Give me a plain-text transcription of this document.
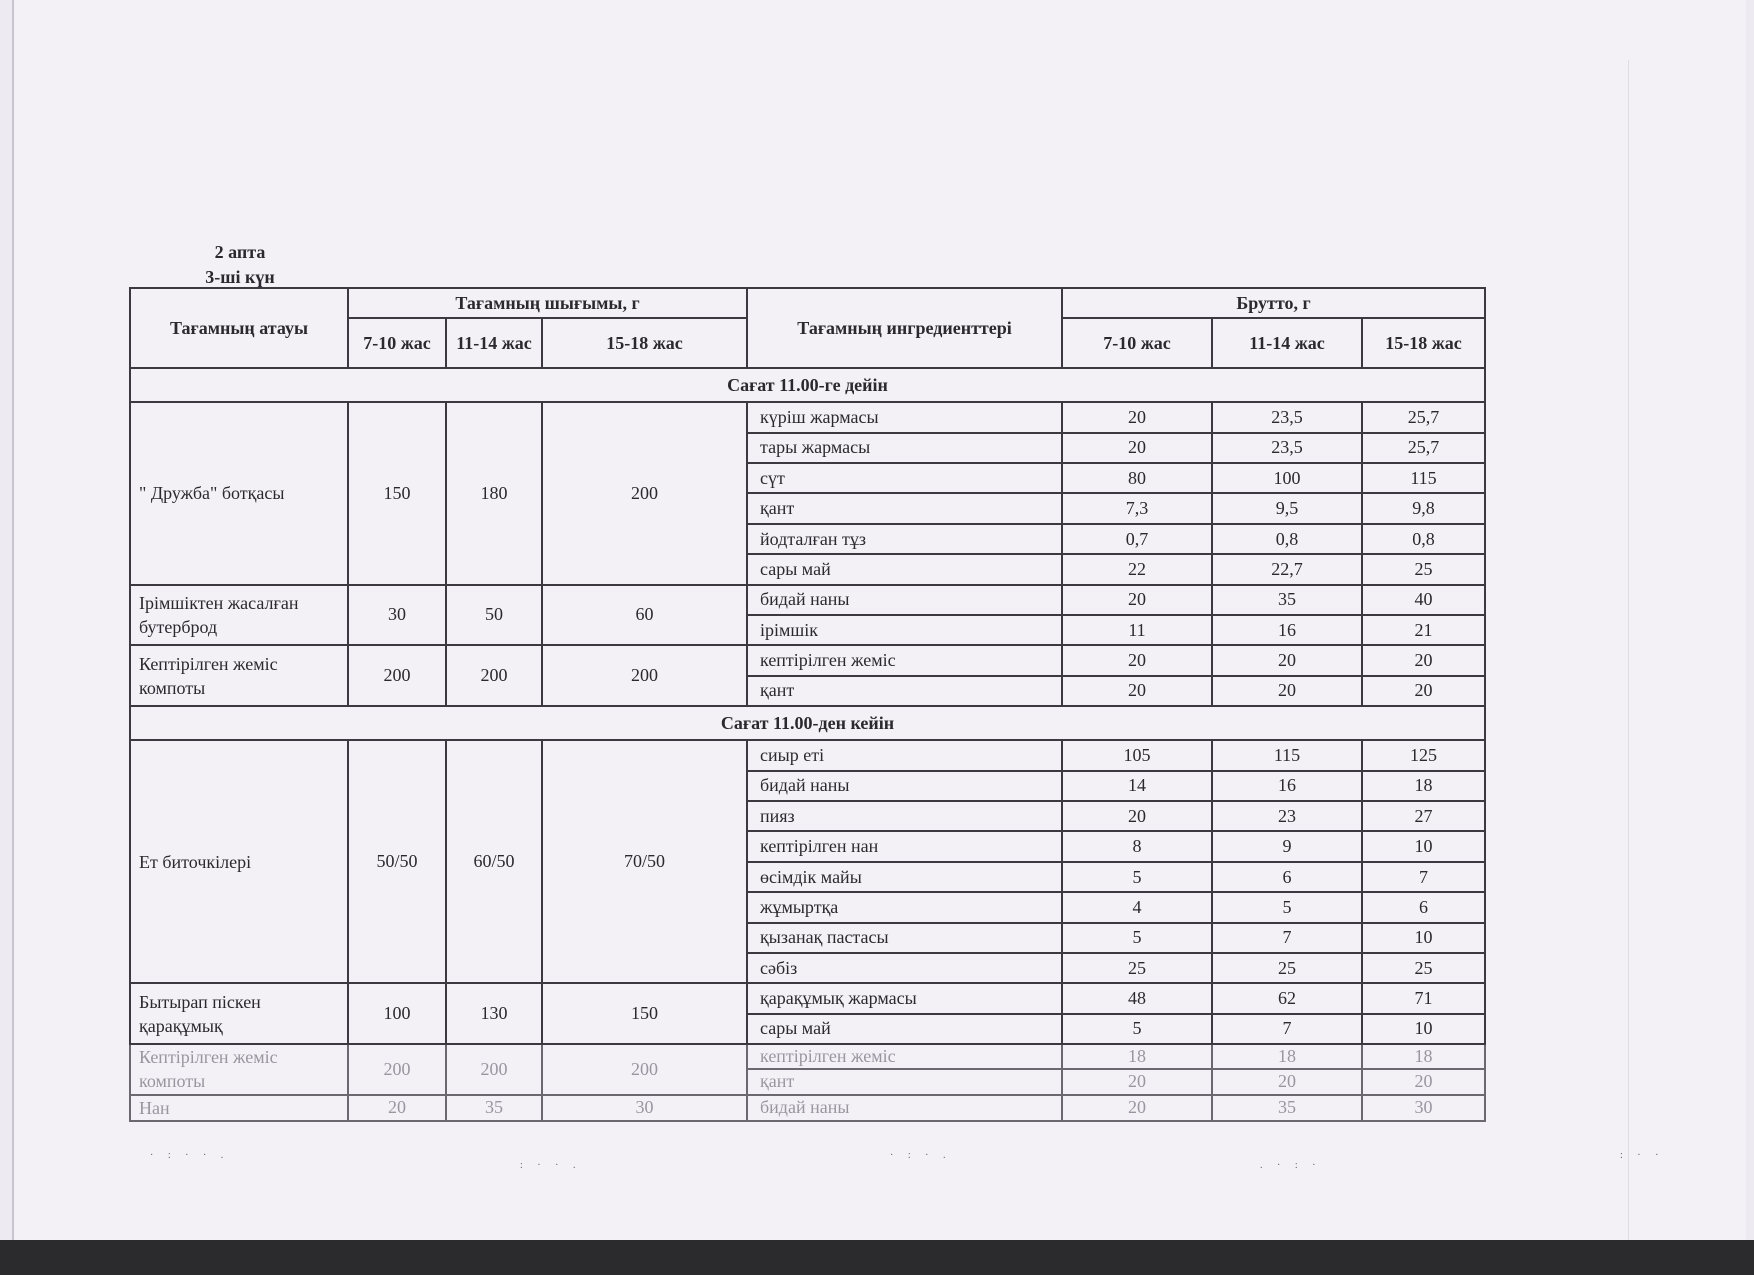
2 апта
3-ші күн
Тағамның атауы	Тағамның шығымы, г			Тағамның ингредиенттері	Брутто, г		
	7-10 жас	11-14 жас	15-18 жас		7-10 жас	11-14 жас	15-18 жас
Сағат 11.00-ге дейін							
" Дружба" ботқасы	150	180	200	күріш жармасы	20	23,5	25,7
				тары жармасы	20	23,5	25,7
				сүт	80	100	115
				қант	7,3	9,5	9,8
				йодталған тұз	0,7	0,8	0,8
				сары май	22	22,7	25
Ірімшіктен жасалған бутерброд	30	50	60	бидай наны	20	35	40
				ірімшік	11	16	21
Кептірілген жеміс компоты	200	200	200	кептірілген жеміс	20	20	20
				қант	20	20	20
Сағат 11.00-ден кейін							
Ет биточкілері	50/50	60/50	70/50	сиыр еті	105	115	125
				бидай наны	14	16	18
				пияз	20	23	27
				кептірілген нан	8	9	10
				өсімдік майы	5	6	7
				жұмыртқа	4	5	6
				қызанақ пастасы	5	7	10
				сәбіз	25	25	25
Бытырап піскен қарақұмық	100	130	150	қарақұмық жармасы	48	62	71
				сары май	5	7	10
Кептірілген жеміс компоты	200	200	200	кептірілген жеміс	18	18	18
				қант	20	20	20
Нан	20	35	30	бидай наны	20	35	30
· : · · .
: · · .
· : · .
. · : ·
: · ·
